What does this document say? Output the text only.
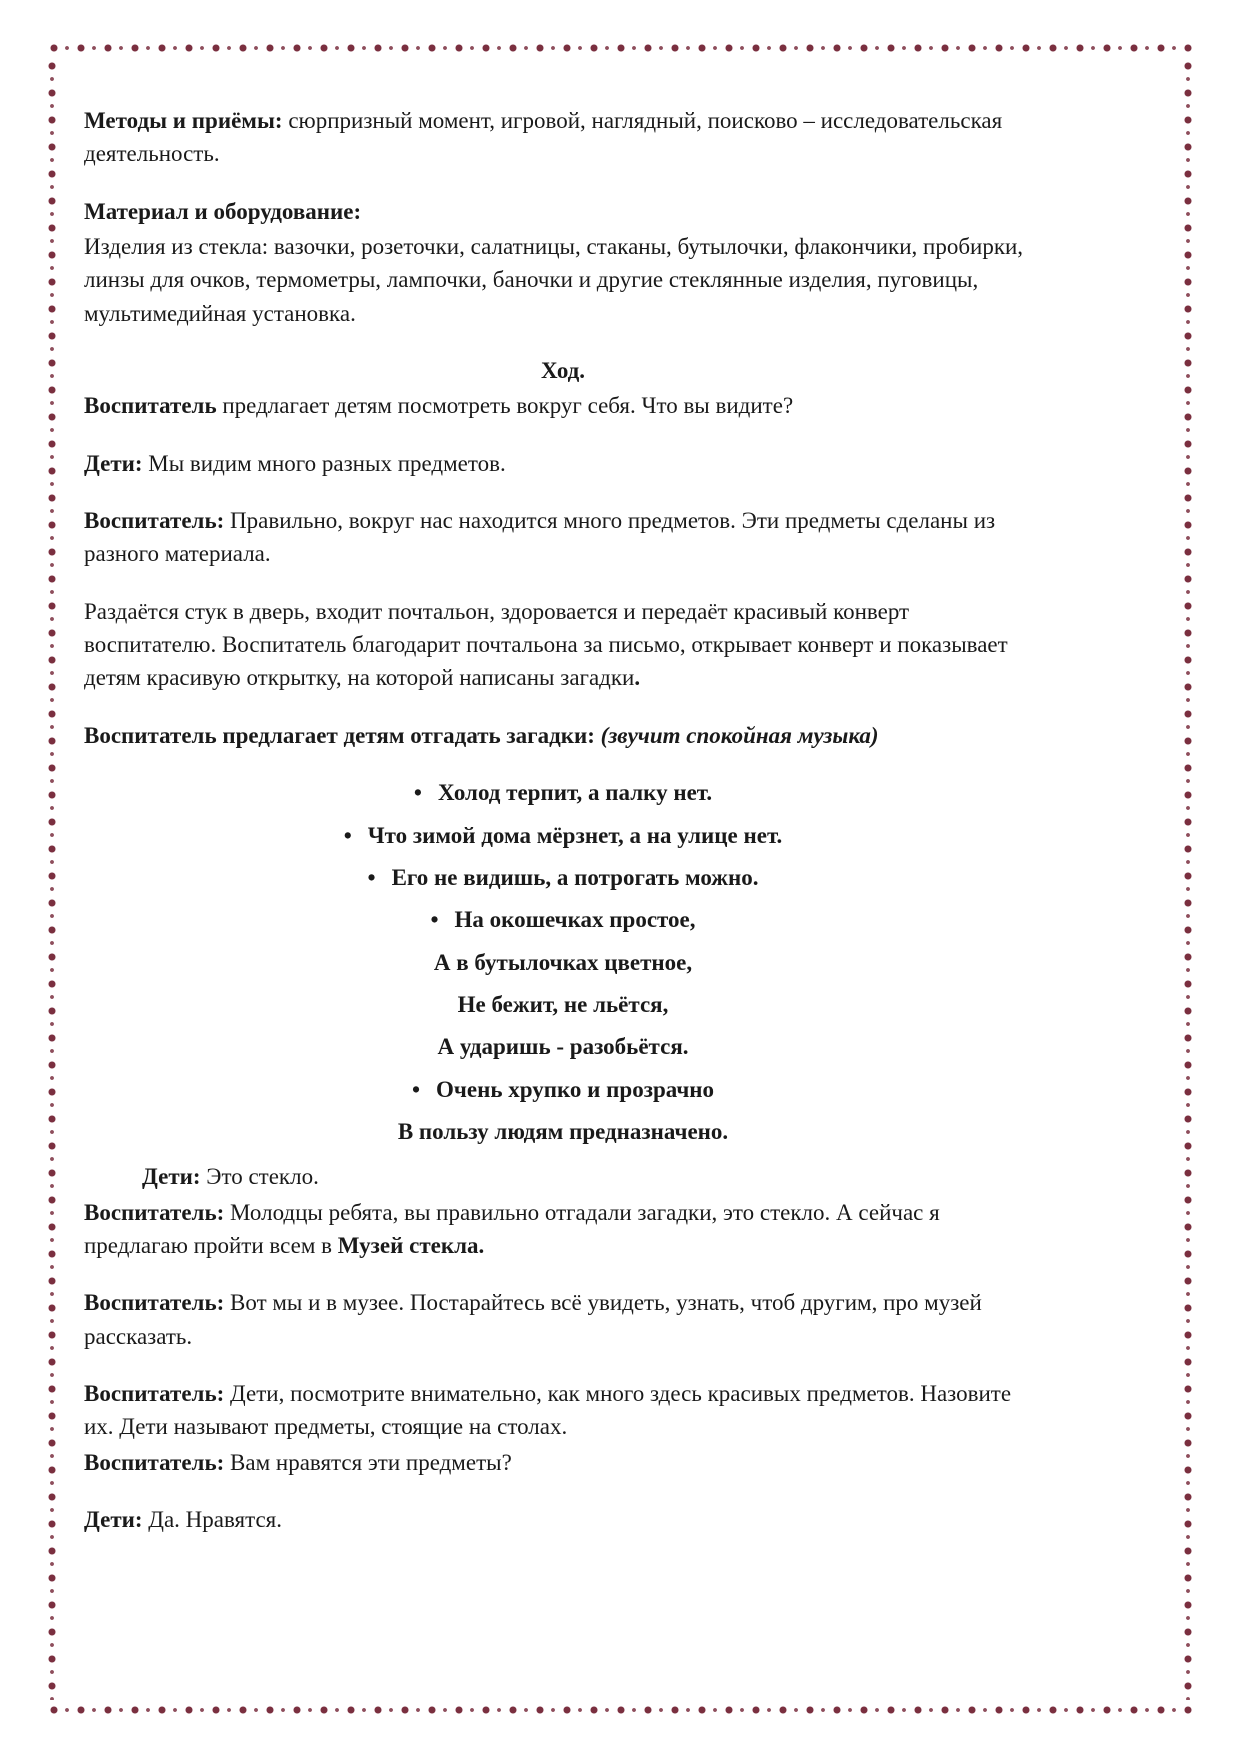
Методы и приёмы: сюрпризный момент, игровой, наглядный, поисково – исследовательская деятельность.

Материал и оборудование:

Изделия из стекла: вазочки, розеточки, салатницы, стаканы, бутылочки, флакончики, пробирки, линзы для очков, термометры, лампочки, баночки и другие стеклянные изделия, пуговицы, мультимедийная установка.

Ход.

Воспитатель предлагает детям посмотреть вокруг себя. Что вы видите?

Дети: Мы видим много разных предметов.

Воспитатель: Правильно, вокруг нас находится много предметов. Эти предметы сделаны из разного материала.

Раздаётся стук в дверь, входит почтальон, здоровается и передаёт красивый конверт воспитателю. Воспитатель благодарит почтальона за письмо, открывает конверт и показывает детям красивую открытку, на которой написаны загадки.

Воспитатель предлагает детям отгадать загадки: (звучит спокойная музыка)

• Холод терпит, а палку нет.
• Что зимой дома мёрзнет, а на улице нет.
• Его не видишь, а потрогать можно.
• На окошечках простое,
А в бутылочках цветное,
Не бежит, не льётся,
А ударишь - разобьётся.
• Очень хрупко и прозрачно
В пользу людям предназначено.

Дети: Это стекло.

Воспитатель: Молодцы ребята, вы правильно отгадали загадки, это стекло. А сейчас я предлагаю пройти всем в Музей стекла.

Воспитатель: Вот мы и в музее. Постарайтесь всё увидеть, узнать, чтоб другим, про музей рассказать.

Воспитатель: Дети, посмотрите внимательно, как много здесь красивых предметов. Назовите их. Дети называют предметы, стоящие на столах.

Воспитатель: Вам нравятся эти предметы?

Дети: Да. Нравятся.
